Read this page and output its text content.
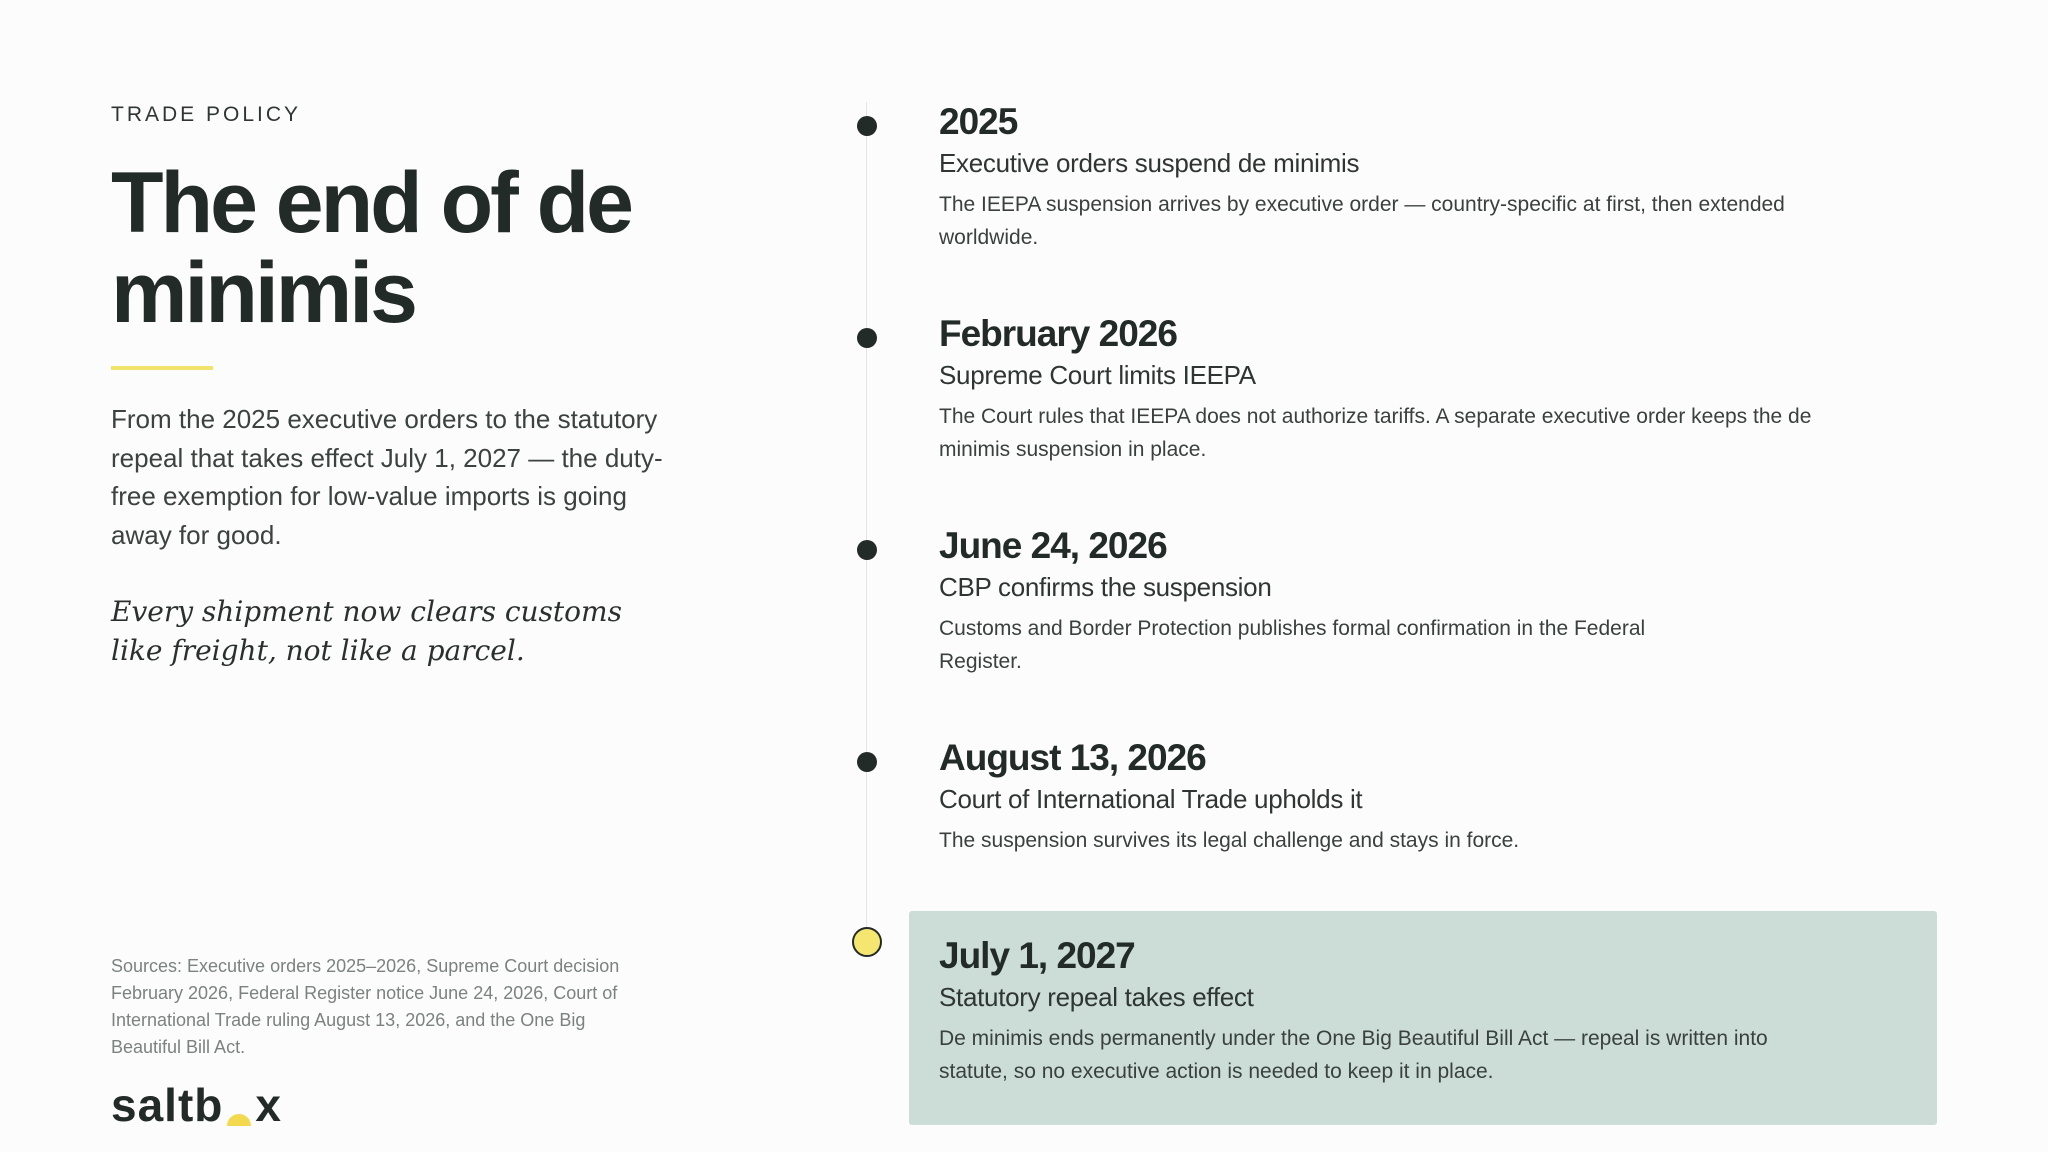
TRADE POLICY
The end of de minimis

From the 2025 executive orders to the statutory repeal that takes effect July 1, 2027 — the duty-free exemption for low-value imports is going away for good.

Every shipment now clears customs like freight, not like a parcel.

Sources: Executive orders 2025–2026, Supreme Court decision February 2026, Federal Register notice June 24, 2026, Court of International Trade ruling August 13, 2026, and the One Big Beautiful Bill Act.

saltb x
2025
Executive orders suspend de minimis

The IEEPA suspension arrives by executive order — country-specific at first, then extended worldwide.

February 2026
Supreme Court limits IEEPA

The Court rules that IEEPA does not authorize tariffs. A separate executive order keeps the de minimis suspension in place.

June 24, 2026
CBP confirms the suspension

Customs and Border Protection publishes formal confirmation in the Federal Register.

August 13, 2026
Court of International Trade upholds it

The suspension survives its legal challenge and stays in force.

July 1, 2027
Statutory repeal takes effect

De minimis ends permanently under the One Big Beautiful Bill Act — repeal is written into statute, so no executive action is needed to keep it in place.
